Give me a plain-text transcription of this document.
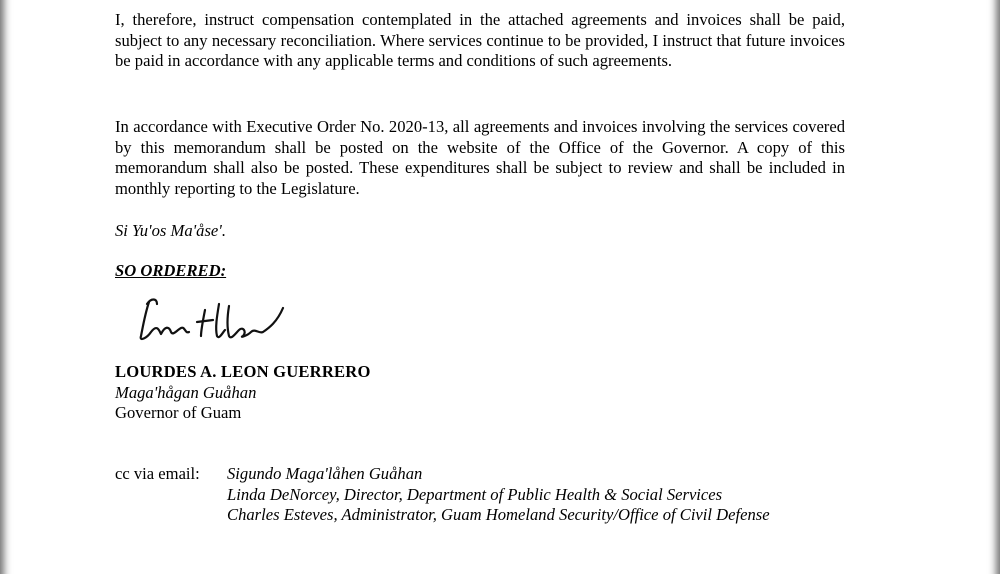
I, therefore, instruct compensation contemplated in the attached agreements and invoices shall be paid, subject to any necessary reconciliation. Where services continue to be provided, I instruct that future invoices be paid in accordance with any applicable terms and conditions of such agreements.

In accordance with Executive Order No. 2020-13, all agreements and invoices involving the services covered by this memorandum shall be posted on the website of the Office of the Governor. A copy of this memorandum shall also be posted. These expenditures shall be subject to review and shall be included in monthly reporting to the Legislature.

Si Yu'os Ma'åse'.
SO ORDERED:
LOURDES A. LEON GUERRERO
Maga'hågan Guåhan
Governor of Guam
cc via email: Sigundo Maga'låhen Guåhan
Linda DeNorcey, Director, Department of Public Health & Social Services
Charles Esteves, Administrator, Guam Homeland Security/Office of Civil Defense
